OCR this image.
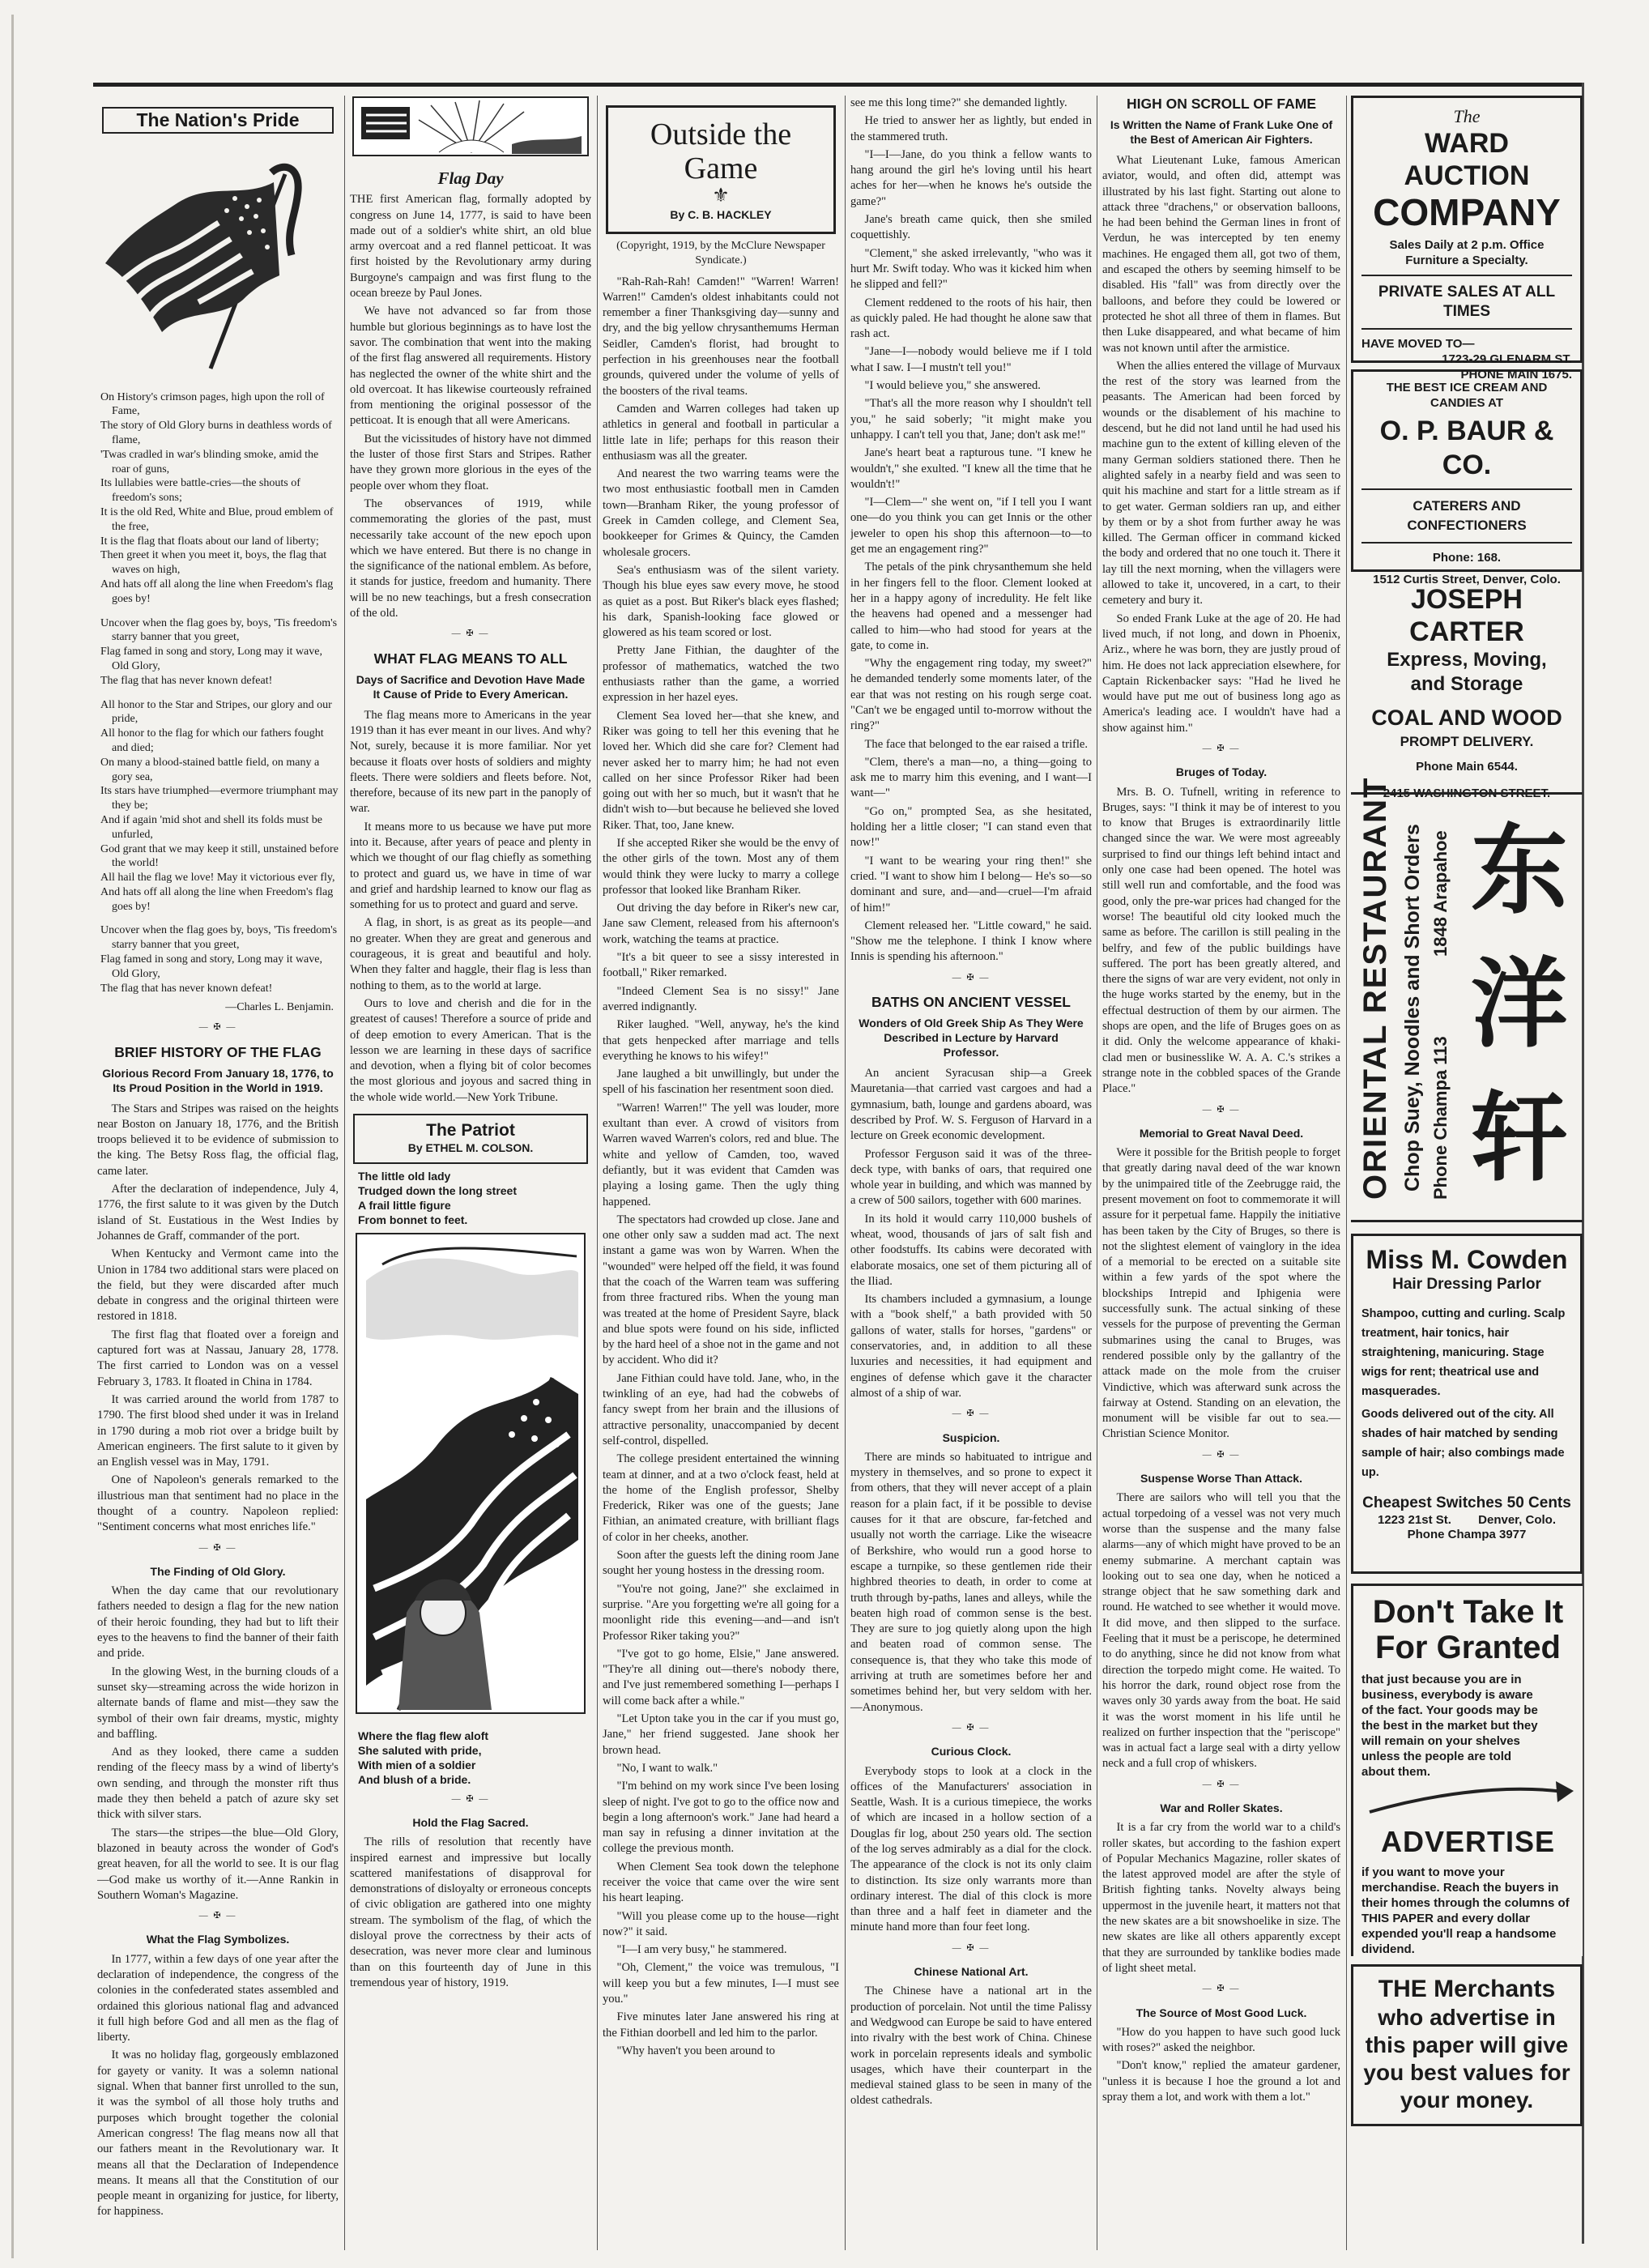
The Nation's Pride
On History's crimson pages, high upon the roll of Fame,
The story of Old Glory burns in deathless words of flame,
'Twas cradled in war's blinding smoke, amid the roar of guns,
Its lullabies were battle-cries—the shouts of freedom's sons;
It is the old Red, White and Blue, proud emblem of the free,
It is the flag that floats about our land of liberty;
Then greet it when you meet it, boys, the flag that waves on high,
And hats off all along the line when Freedom's flag goes by!
Uncover when the flag goes by, boys, 'Tis freedom's starry banner that you greet,
Flag famed in song and story, Long may it wave, Old Glory,
The flag that has never known defeat!
All honor to the Star and Stripes, our glory and our pride,
All honor to the flag for which our fathers fought and died;
On many a blood-stained battle field, on many a gory sea,
Its stars have triumphed—evermore triumphant may they be;
And if again 'mid shot and shell its folds must be unfurled,
God grant that we may keep it still, unstained before the world!
All hail the flag we love! May it victorious ever fly,
And hats off all along the line when Freedom's flag goes by!
Uncover when the flag goes by, boys, 'Tis freedom's starry banner that you greet,
Flag famed in song and story, Long may it wave, Old Glory,
The flag that has never known defeat!
—Charles L. Benjamin.
— ✠ —
BRIEF HISTORY OF THE FLAG
Glorious Record From January 18, 1776, to Its Proud Position in the World in 1919.

The Stars and Stripes was raised on the heights near Boston on January 18, 1776, and the British troops believed it to be evidence of submission to the king. The Betsy Ross flag, the official flag, came later.

After the declaration of independence, July 4, 1776, the first salute to it was given by the Dutch island of St. Eustatious in the West Indies by Johannes de Graff, commander of the port.

When Kentucky and Vermont came into the Union in 1784 two additional stars were placed on the field, but they were discarded after much debate in congress and the original thirteen were restored in 1818.

The first flag that floated over a foreign and captured fort was at Nassau, January 28, 1778. The first carried to London was on a vessel February 3, 1783. It floated in China in 1784.

It was carried around the world from 1787 to 1790. The first blood shed under it was in Ireland in 1790 during a mob riot over a bridge built by American engineers. The first salute to it given by an English vessel was in May, 1791.

One of Napoleon's generals remarked to the illustrious man that sentiment had no place in the thought of a country. Napoleon replied: "Sentiment concerns what most enriches life."

— ✠ —
The Finding of Old Glory.

When the day came that our revolutionary fathers needed to design a flag for the new nation of their heroic founding, they had but to lift their eyes to the heavens to find the banner of their faith and pride.

In the glowing West, in the burning clouds of a sunset sky—streaming across the wide horizon in alternate bands of flame and mist—they saw the symbol of their own fair dreams, mystic, mighty and baffling.

And as they looked, there came a sudden rending of the fleecy mass by a wind of liberty's own sending, and through the monster rift thus made they then beheld a patch of azure sky set thick with silver stars.

The stars—the stripes—the blue—Old Glory, blazoned in beauty across the wonder of God's great heaven, for all the world to see. It is our flag—God make us worthy of it.—Anne Rankin in Southern Woman's Magazine.

— ✠ —
What the Flag Symbolizes.

In 1777, within a few days of one year after the declaration of independence, the congress of the colonies in the confederated states assembled and ordained this glorious national flag and advanced it full high before God and all men as the flag of liberty.

It was no holiday flag, gorgeously emblazoned for gayety or vanity. It was a solemn national signal. When that banner first unrolled to the sun, it was the symbol of all those holy truths and purposes which brought together the colonial American congress! The flag means now all that our fathers meant in the Revolutionary war. It means all that the Declaration of Independence means. It means all that the Constitution of our people meant in organizing for justice, for liberty, for happiness.

Flag Day

THE first American flag, formally adopted by congress on June 14, 1777, is said to have been made out of a soldier's white shirt, an old blue army overcoat and a red flannel petticoat. It was first hoisted by the Revolutionary army during Burgoyne's campaign and was first flung to the ocean breeze by Paul Jones.

We have not advanced so far from those humble but glorious beginnings as to have lost the savor. The combination that went into the making of the first flag answered all requirements. History has neglected the owner of the white shirt and the old overcoat. It has likewise courteously refrained from mentioning the original possessor of the petticoat. It is enough that all were Americans.

But the vicissitudes of history have not dimmed the luster of those first Stars and Stripes. Rather have they grown more glorious in the eyes of the people over whom they float.

The observances of 1919, while commemorating the glories of the past, must necessarily take account of the new epoch upon which we have entered. But there is no change in the significance of the national emblem. As before, it stands for justice, freedom and humanity. There will be no new teachings, but a fresh consecration of the old.

— ✠ —
WHAT FLAG MEANS TO ALL
Days of Sacrifice and Devotion Have Made It Cause of Pride to Every American.

The flag means more to Americans in the year 1919 than it has ever meant in our lives. And why? Not, surely, because it is more familiar. Nor yet because it floats over hosts of soldiers and mighty fleets. There were soldiers and fleets before. Not, therefore, because of its new part in the panoply of war.

It means more to us because we have put more into it. Because, after years of peace and plenty in which we thought of our flag chiefly as something to protect and guard us, we have in time of war and grief and hardship learned to know our flag as something for us to protect and guard and serve.

A flag, in short, is as great as its people—and no greater. When they are great and generous and courageous, it is great and beautiful and holy. When they falter and haggle, their flag is less than nothing to them, as to the world at large.

Ours to love and cherish and die for in the greatest of causes! Therefore a source of pride and of deep emotion to every American. That is the lesson we are learning in these days of sacrifice and devotion, when a flying bit of color becomes the most glorious and joyous and sacred thing in the whole wide world.—New York Tribune.

The Patriot
By ETHEL M. COLSON.
The little old lady
Trudged down the long street
A frail little figure
From bonnet to feet.
Where the flag flew aloft
She saluted with pride,
With mien of a soldier
And blush of a bride.
— ✠ —
Hold the Flag Sacred.

The rills of resolution that recently have inspired earnest and impressive but locally scattered manifestations of disapproval for demonstrations of disloyalty or erroneous concepts of civic obligation are gathered into one mighty stream. The symbolism of the flag, of which the disloyal prove the correctness by their acts of desecration, was never more clear and luminous than on this fourteenth day of June in this tremendous year of history, 1919.

Outside the
Game
⚜
By C. B. HACKLEY
(Copyright, 1919, by the McClure Newspaper Syndicate.)

"Rah-Rah-Rah! Camden!" "Warren! Warren! Warren!" Camden's oldest inhabitants could not remember a finer Thanksgiving day—sunny and dry, and the big yellow chrysanthemums Herman Seidler, Camden's florist, had brought to perfection in his greenhouses near the football grounds, quivered under the volume of yells of the boosters of the rival teams.

Camden and Warren colleges had taken up athletics in general and football in particular a little late in life; perhaps for this reason their enthusiasm was all the greater.

And nearest the two warring teams were the two most enthusiastic football men in Camden town—Branham Riker, the young professor of Greek in Camden college, and Clement Sea, bookkeeper for Grimes & Quincy, the Camden wholesale grocers.

Sea's enthusiasm was of the silent variety. Though his blue eyes saw every move, he stood as quiet as a post. But Riker's black eyes flashed; his dark, Spanish-looking face glowed or glowered as his team scored or lost.

Pretty Jane Fithian, the daughter of the professor of mathematics, watched the two enthusiasts rather than the game, a worried expression in her hazel eyes.

Clement Sea loved her—that she knew, and Riker was going to tell her this evening that he loved her. Which did she care for? Clement had never asked her to marry him; he had not even called on her since Professor Riker had been going out with her so much, but it wasn't that he didn't wish to—but because he believed she loved Riker. That, too, Jane knew.

If she accepted Riker she would be the envy of the other girls of the town. Most any of them would think they were lucky to marry a college professor that looked like Branham Riker.

Out driving the day before in Riker's new car, Jane saw Clement, released from his afternoon's work, watching the teams at practice.

"It's a bit queer to see a sissy interested in football," Riker remarked.

"Indeed Clement Sea is no sissy!" Jane averred indignantly.

Riker laughed. "Well, anyway, he's the kind that gets henpecked after marriage and tells everything he knows to his wifey!"

Jane laughed a bit unwillingly, but under the spell of his fascination her resentment soon died.

"Warren! Warren!" The yell was louder, more exultant than ever. A crowd of visitors from Warren waved Warren's colors, red and blue. The white and yellow of Camden, too, waved defiantly, but it was evident that Camden was playing a losing game. Then the ugly thing happened.

The spectators had crowded up close. Jane and one other only saw a sudden mad act. The next instant a game was won by Warren. When the "wounded" were helped off the field, it was found that the coach of the Warren team was suffering from three fractured ribs. When the young man was treated at the home of President Sayre, black and blue spots were found on his side, inflicted by the hard heel of a shoe not in the game and not by accident. Who did it?

Jane Fithian could have told. Jane, who, in the twinkling of an eye, had had the cobwebs of fancy swept from her brain and the illusions of attractive personality, unaccompanied by decent self-control, dispelled.

The college president entertained the winning team at dinner, and at a two o'clock feast, held at the home of the English professor, Shelby Frederick, Riker was one of the guests; Jane Fithian, an animated creature, with brilliant flags of color in her cheeks, another.

Soon after the guests left the dining room Jane sought her young hostess in the dressing room.

"You're not going, Jane?" she exclaimed in surprise. "Are you forgetting we're all going for a moonlight ride this evening—and—and isn't Professor Riker taking you?"

"I've got to go home, Elsie," Jane answered. "They're all dining out—there's nobody there, and I've just remembered something I—perhaps I will come back after a while."

"Let Upton take you in the car if you must go, Jane," her friend suggested. Jane shook her brown head.

"No, I want to walk."

"I'm behind on my work since I've been losing sleep of night. I've got to go to the office now and begin a long afternoon's work." Jane had heard a man say in refusing a dinner invitation at the college the previous month.

When Clement Sea took down the telephone receiver the voice that came over the wire sent his heart leaping.

"Will you please come up to the house—right now?" it said.

"I—I am very busy," he stammered.

"Oh, Clement," the voice was tremulous, "I will keep you but a few minutes, I—I must see you."

Five minutes later Jane answered his ring at the Fithian doorbell and led him to the parlor.

"Why haven't you been around to

see me this long time?" she demanded lightly.

He tried to answer her as lightly, but ended in the stammered truth.

"I—I—Jane, do you think a fellow wants to hang around the girl he's loving until his heart aches for her—when he knows he's outside the game?"

Jane's breath came quick, then she smiled coquettishly.

"Clement," she asked irrelevantly, "who was it hurt Mr. Swift today. Who was it kicked him when he slipped and fell?"

Clement reddened to the roots of his hair, then as quickly paled. He had thought he alone saw that rash act.

"Jane—I—nobody would believe me if I told what I saw. I—I mustn't tell you!"

"I would believe you," she answered.

"That's all the more reason why I shouldn't tell you," he said soberly; "it might make you unhappy. I can't tell you that, Jane; don't ask me!"

Jane's heart beat a rapturous tune. "I knew he wouldn't," she exulted. "I knew all the time that he wouldn't!"

"I—Clem—" she went on, "if I tell you I want one—do you think you can get Innis or the other jeweler to open his shop this afternoon—to—to get me an engagement ring?"

The petals of the pink chrysanthemum she held in her fingers fell to the floor. Clement looked at her in a happy agony of incredulity. He felt like the heavens had opened and a messenger had called to him—who had stood for years at the gate, to come in.

"Why the engagement ring today, my sweet?" he demanded tenderly some moments later, of the ear that was not resting on his rough serge coat. "Can't we be engaged until to-morrow without the ring?"

The face that belonged to the ear raised a trifle.

"Clem, there's a man—no, a thing—going to ask me to marry him this evening, and I want—I want—"

"Go on," prompted Sea, as she hesitated, holding her a little closer; "I can stand even that now!"

"I want to be wearing your ring then!" she cried. "I want to show him I belong— He's so—so dominant and sure, and—and—cruel—I'm afraid of him!"

Clement released her. "Little coward," he said. "Show me the telephone. I think I know where Innis is spending his afternoon."

— ✠ —
BATHS ON ANCIENT VESSEL
Wonders of Old Greek Ship As They Were Described in Lecture by Harvard Professor.

An ancient Syracusan ship—a Greek Mauretania—that carried vast cargoes and had a gymnasium, bath, lounge and gardens aboard, was described by Prof. W. S. Ferguson of Harvard in a lecture on Greek economic development.

Professor Ferguson said it was of the three-deck type, with banks of oars, that required one whole year in building, and which was manned by a crew of 500 sailors, together with 600 marines.

In its hold it would carry 110,000 bushels of wheat, wood, thousands of jars of salt fish and other foodstuffs. Its cabins were decorated with elaborate mosaics, one set of them picturing all of the Iliad.

Its chambers included a gymnasium, a lounge with a "book shelf," a bath provided with 50 gallons of water, stalls for horses, "gardens" or conservatories, and, in addition to all these luxuries and necessities, it had equipment and engines of defense which gave it the character almost of a ship of war.

— ✠ —
Suspicion.

There are minds so habituated to intrigue and mystery in themselves, and so prone to expect it from others, that they will never accept of a plain reason for a plain fact, if it be possible to devise causes for it that are obscure, far-fetched and usually not worth the carriage. Like the wiseacre of Berkshire, who would run a good horse to escape a turnpike, so these gentlemen ride their highbred theories to death, in order to come at truth through by-paths, lanes and alleys, while the beaten high road of common sense is the best. They are sure to jog quietly along upon the high and beaten road of common sense. The consequence is, that they who take this mode of arriving at truth are sometimes before her and sometimes behind her, but very seldom with her.—Anonymous.

— ✠ —
Curious Clock.

Everybody stops to look at a clock in the offices of the Manufacturers' association in Seattle, Wash. It is a curious timepiece, the works of which are incased in a hollow section of a Douglas fir log, about 250 years old. The section of the log serves admirably as a dial for the clock. The appearance of the clock is not its only claim to distinction. Its size only warrants more than ordinary interest. The dial of this clock is more than three and a half feet in diameter and the minute hand more than four feet long.

— ✠ —
Chinese National Art.

The Chinese have a national art in the production of porcelain. Not until the time Palissy and Wedgwood can Europe be said to have entered into rivalry with the best work of China. Chinese work in porcelain represents ideals and symbolic usages, which have their counterpart in the medieval stained glass to be seen in many of the oldest cathedrals.

HIGH ON SCROLL OF FAME
Is Written the Name of Frank Luke One of the Best of American Air Fighters.

What Lieutenant Luke, famous American aviator, would, and often did, attempt was illustrated by his last fight. Starting out alone to attack three "drachens," or observation balloons, he had been behind the German lines in front of Verdun, he was intercepted by ten enemy machines. He engaged them all, got two of them, and escaped the others by seeming himself to be disabled. His "fall" was from directly over the balloons, and before they could be lowered or protected he shot all three of them in flames. But then Luke disappeared, and what became of him was not known until after the armistice.

When the allies entered the village of Murvaux the rest of the story was learned from the peasants. The American had been forced by wounds or the disablement of his machine to descend, but he did not land until he had used his machine gun to the extent of killing eleven of the many German soldiers stationed there. Then he alighted safely in a nearby field and was seen to quit his machine and start for a little stream as if to get water. German soldiers ran up, and either by them or by a shot from further away he was killed. The German officer in command kicked the body and ordered that no one touch it. There it lay till the next morning, when the villagers were allowed to take it, uncovered, in a cart, to their cemetery and bury it.

So ended Frank Luke at the age of 20. He had lived much, if not long, and down in Phoenix, Ariz., where he was born, they are justly proud of him. He does not lack appreciation elsewhere, for Captain Rickenbacker says: "Had he lived he would have put me out of business long ago as America's leading ace. I wouldn't have had a show against him."

— ✠ —
Bruges of Today.

Mrs. B. O. Tufnell, writing in reference to Bruges, says: "I think it may be of interest to you to know that Bruges is extraordinarily little changed since the war. We were most agreeably surprised to find our things left behind intact and only one case had been opened. The hotel was still well run and comfortable, and the food was good, only the pre-war prices had changed for the worse! The beautiful old city looked much the same as before. The carillon is still pealing in the belfry, and few of the public buildings have suffered. The port has been greatly altered, and there the signs of war are very evident, not only in the huge works started by the enemy, but in the effectual destruction of them by our airmen. The shops are open, and the life of Bruges goes on as it did. Only the welcome appearance of khaki-clad men or businesslike W. A. A. C.'s strikes a strange note in the cobbled spaces of the Grande Place."

— ✠ —
Memorial to Great Naval Deed.

Were it possible for the British people to forget that greatly daring naval deed of the war known by the unimpaired title of the Zeebrugge raid, the present movement on foot to commemorate it will assure for it perpetual fame. Happily the initiative has been taken by the City of Bruges, so there is not the slightest element of vainglory in the idea of a memorial to be erected on a suitable site within a few yards of the spot where the blockships Intrepid and Iphigenia were successfully sunk. The actual sinking of these vessels for the purpose of preventing the German submarines using the canal to Bruges, was rendered possible only by the gallantry of the attack made on the mole from the cruiser Vindictive, which was afterward sunk across the fairway at Ostend. Standing on an elevation, the monument will be visible far out to sea.—Christian Science Monitor.

— ✠ —
Suspense Worse Than Attack.

There are sailors who will tell you that the actual torpedoing of a vessel was not very much worse than the suspense and the many false alarms—any of which might have proved to be an enemy submarine. A merchant captain was looking out to sea one day, when he noticed a strange object that he saw something dark and round. He watched to see whether it would move. It did move, and then slipped to the surface. Feeling that it must be a periscope, he determined to do anything, since he did not know from what direction the torpedo might come. He waited. To his horror the dark, round object rose from the waves only 30 yards away from the boat. He said it was the worst moment in his life until he realized on further inspection that the "periscope" was in actual fact a large seal with a dirty yellow neck and a full crop of whiskers.

— ✠ —
War and Roller Skates.

It is a far cry from the world war to a child's roller skates, but according to the fashion expert of Popular Mechanics Magazine, roller skates of the latest approved model are after the style of British fighting tanks. Novelty always being uppermost in the juvenile heart, it matters not that the new skates are a bit snowshoelike in size. The new skates are like all others apparently except that they are surrounded by tanklike bodies made of light sheet metal.

— ✠ —
The Source of Most Good Luck.

"How do you happen to have such good luck with roses?" asked the neighbor.

"Don't know," replied the amateur gardener, "unless it is because I hoe the ground a lot and spray them a lot, and work with them a lot."

The
WARD AUCTION
COMPANY
Sales Daily at 2 p.m. Office Furniture a Specialty.
PRIVATE SALES AT ALL TIMES
HAVE MOVED TO—
1723-29 GLENARM ST.
PHONE MAIN 1675.
THE BEST ICE CREAM AND CANDIES AT
O. P. BAUR & CO.
CATERERS AND
CONFECTIONERS
Phone: 168.
1512 Curtis Street, Denver, Colo.
JOSEPH CARTER
Express, Moving,
and Storage
COAL AND WOOD
PROMPT DELIVERY.
Phone Main 6544.
2415 WASHINGTON STREET.
ORIENTAL RESTAURANT Chop Suey, Noodles and Short Orders 1848 Arapahoe
Phone Champa 113
东洋轩
Miss M. Cowden
Hair Dressing Parlor
Shampoo, cutting and curling. Scalp treatment, hair tonics, hair straightening, manicuring. Stage wigs for rent; theatrical use and masquerades.
Goods delivered out of the city. All shades of hair matched by sending sample of hair; also combings made up.
Cheapest Switches 50 Cents
1223 21st St. Denver, Colo.
Phone Champa 3977
Don't Take It
For Granted
that just because you are in business, everybody is aware of the fact. Your goods may be the best in the market but they will remain on your shelves unless the people are told about them.
ADVERTISE
if you want to move your merchandise. Reach the buyers in their homes through the columns of THIS PAPER and every dollar expended you'll reap a handsome dividend.
THE Merchants
who advertise in
this paper will give
you best values for
your money.
